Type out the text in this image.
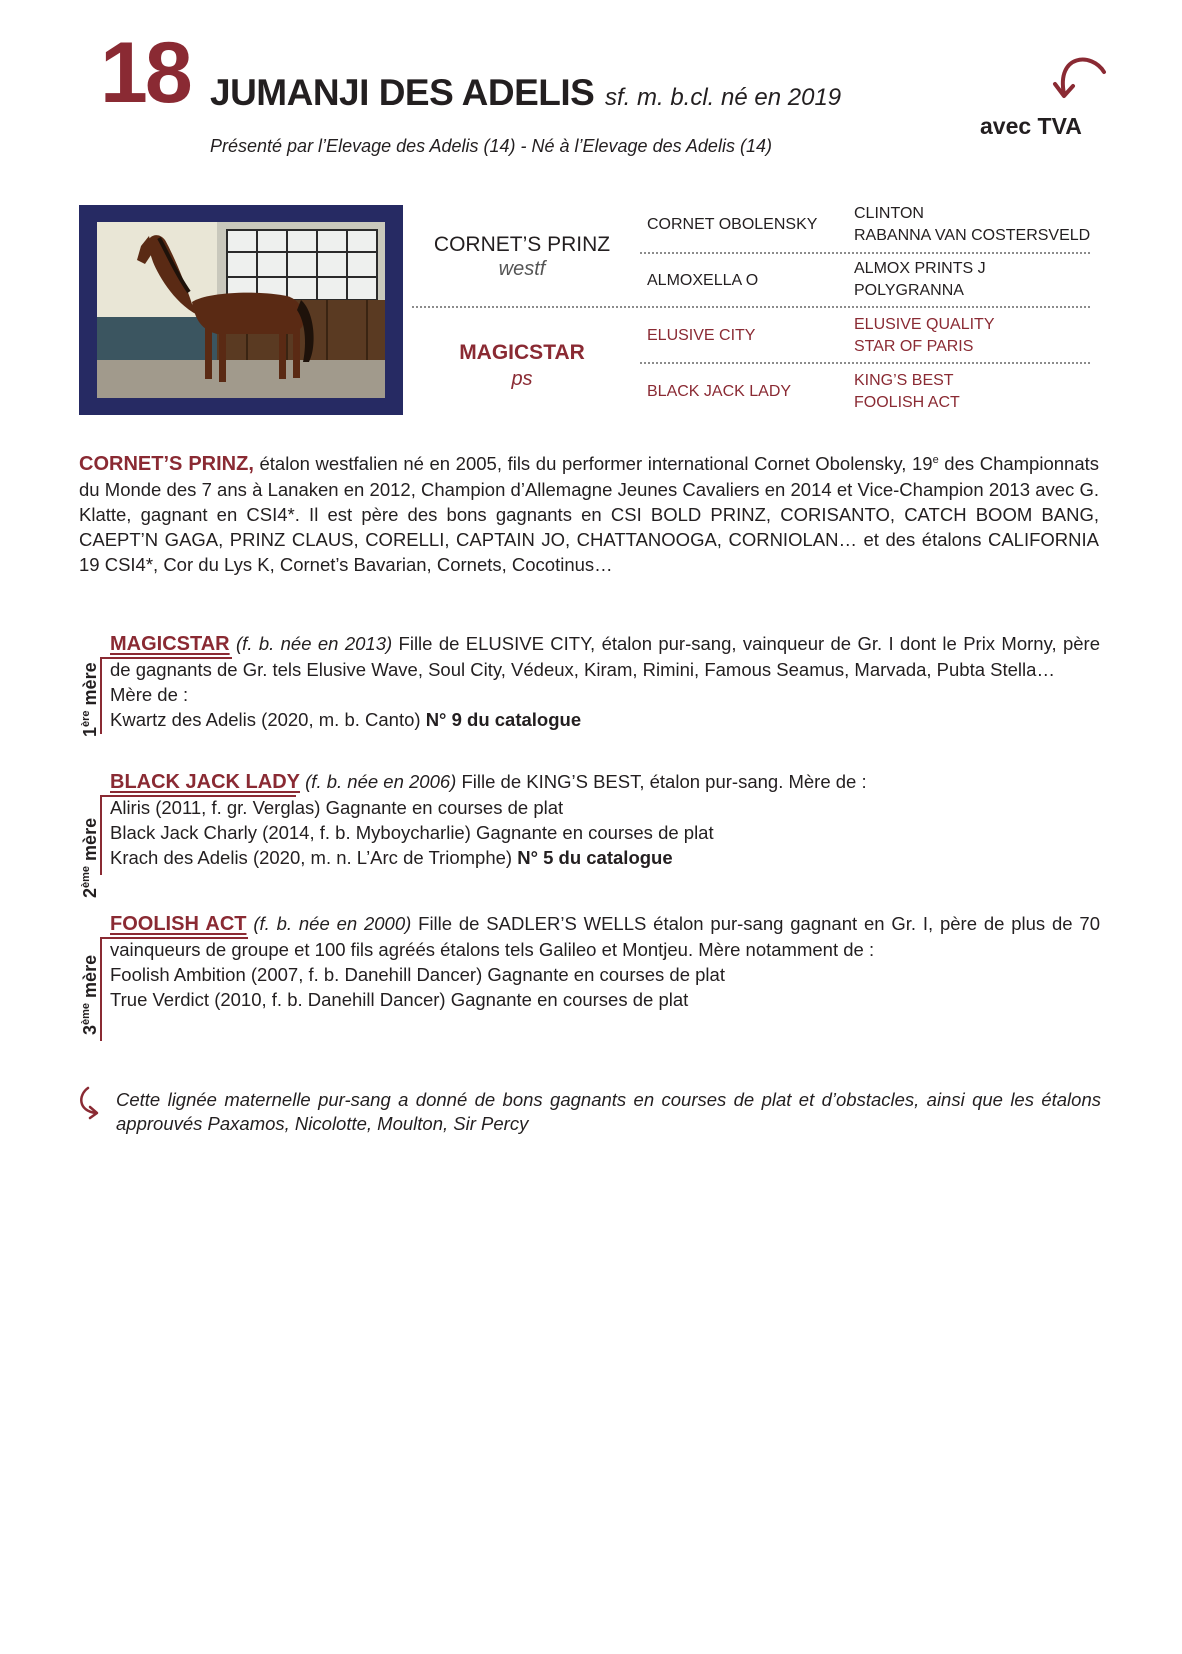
18 JUMANJI DES ADELIS sf. m. b.cl. né en 2019
Présenté par l’Elevage des Adelis (14) - Né à l’Elevage des Adelis (14)
avec TVA
CORNET’S PRINZ
westf
MAGICSTAR
ps
CORNET OBOLENSKY
ALMOXELLA O
ELUSIVE CITY
BLACK JACK LADY
CLINTON
RABANNA VAN COSTERSVELD
ALMOX PRINTS J
POLYGRANNA
ELUSIVE QUALITY
STAR OF PARIS
KING’S BEST
FOOLISH ACT
CORNET’S PRINZ, étalon westfalien né en 2005, fils du performer international Cornet Obolensky, 19e des Championnats du Monde des 7 ans à Lanaken en 2012, Champion d’Allemagne Jeunes Cavaliers en 2014 et Vice-Champion 2013 avec G. Klatte, gagnant en CSI4*. Il est père des bons gagnants en CSI BOLD PRINZ, CORISANTO, CATCH BOOM BANG, CAEPT’N GAGA, PRINZ CLAUS, CORELLI, CAPTAIN JO, CHATTANOOGA, CORNIOLAN… et des étalons CALIFORNIA 19 CSI4*, Cor du Lys K, Cornet’s Bavarian, Cornets, Cocotinus…
1ère mère
MAGICSTAR (f. b. née en 2013) Fille de ELUSIVE CITY, étalon pur-sang, vainqueur de Gr. I dont le Prix Morny, père de gagnants de Gr. tels Elusive Wave, Soul City, Védeux, Kiram, Rimini, Famous Seamus, Marvada, Pubta Stella…
Mère de :
Kwartz des Adelis (2020, m. b. Canto) N° 9 du catalogue
2ème mère
BLACK JACK LADY (f. b. née en 2006) Fille de KING’S BEST, étalon pur-sang. Mère de :
Aliris (2011, f. gr. Verglas) Gagnante en courses de plat
Black Jack Charly (2014, f. b. Myboycharlie) Gagnante en courses de plat
Krach des Adelis (2020, m. n. L’Arc de Triomphe) N° 5 du catalogue
3ème mère
FOOLISH ACT (f. b. née en 2000) Fille de SADLER’S WELLS étalon pur-sang gagnant en Gr. I, père de plus de 70 vainqueurs de groupe et 100 fils agréés étalons tels Galileo et Montjeu. Mère notamment de :
Foolish Ambition (2007, f. b. Danehill Dancer) Gagnante en courses de plat
True Verdict (2010, f. b. Danehill Dancer) Gagnante en courses de plat
Cette lignée maternelle pur-sang a donné de bons gagnants en courses de plat et d’obstacles, ainsi que les étalons approuvés Paxamos, Nicolotte, Moulton, Sir Percy
